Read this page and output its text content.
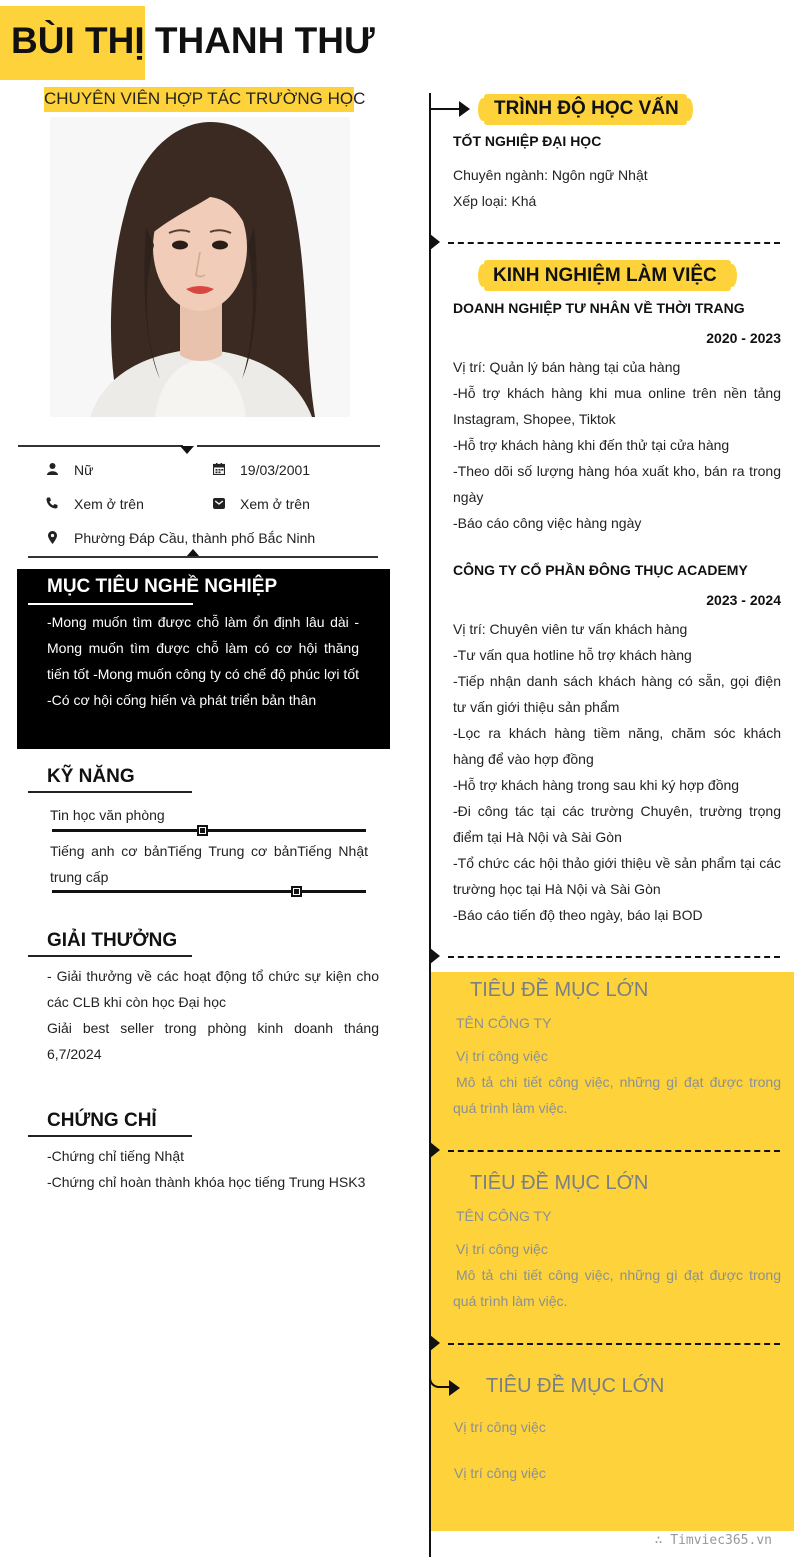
BÙI THỊ THANH THƯ
CHUYÊN VIÊN HỢP TÁC TRƯỜNG HỌC
Nữ	19/03/2001
Xem ở trên	Xem ở trên
Phường Đáp Cầu, thành phố Bắc Ninh
MỤC TIÊU NGHỀ NGHIỆP
-Mong muốn tìm được chỗ làm ổn định lâu dài -Mong muốn tìm được chỗ làm có cơ hội thăng tiến tốt -Mong muốn công ty có chế độ phúc lợi tốt -Có cơ hội cống hiến và phát triển bản thân
KỸ NĂNG
Tin học văn phòng
Tiếng anh cơ bảnTiếng Trung cơ bảnTiếng Nhật trung cấp
GIẢI THƯỞNG
- Giải thưởng về các hoạt động tổ chức sự kiện cho các CLB khi còn học Đại học
Giải best seller trong phòng kinh doanh tháng 6,7/2024
CHỨNG CHỈ
-Chứng chỉ tiếng Nhật
-Chứng chỉ hoàn thành khóa học tiếng Trung HSK3
TRÌNH ĐỘ HỌC VẤN
TỐT NGHIỆP ĐẠI HỌC
Chuyên ngành: Ngôn ngữ Nhật
Xếp loại: Khá
KINH NGHIỆM LÀM VIỆC
DOANH NGHIỆP TƯ NHÂN VỀ THỜI TRANG
2020 - 2023
Vị trí: Quản lý bán hàng tại của hàng
-Hỗ trợ khách hàng khi mua online trên nền tảng Instagram, Shopee, Tiktok
-Hỗ trợ khách hàng khi đến thử tại cửa hàng
-Theo dõi số lượng hàng hóa xuất kho, bán ra trong ngày
-Báo cáo công việc hàng ngày
CÔNG TY CỔ PHẦN ĐÔNG THỤC ACADEMY
2023 - 2024
Vị trí: Chuyên viên tư vấn khách hàng
-Tư vấn qua hotline hỗ trợ khách hàng
-Tiếp nhận danh sách khách hàng có sẵn, gọi điện tư vấn giới thiệu sản phẩm
-Lọc ra khách hàng tiềm năng, chăm sóc khách hàng để vào hợp đồng
-Hỗ trợ khách hàng trong sau khi ký hợp đồng
-Đi công tác tại các trường Chuyên, trường trọng điểm tại Hà Nội và Sài Gòn
-Tổ chức các hội thảo giới thiệu về sản phẩm tại các trường học tại Hà Nội và Sài Gòn
-Báo cáo tiến độ theo ngày, báo lại BOD
TIÊU ĐỀ MỤC LỚN
TÊN CÔNG TY
Vị trí công việc
Mô tả chi tiết công việc, những gì đạt được trong quá trình làm việc.
TIÊU ĐỀ MỤC LỚN
TÊN CÔNG TY
Vị trí công việc
Mô tả chi tiết công việc, những gì đạt được trong quá trình làm việc.
TIÊU ĐỀ MỤC LỚN
Vị trí công việc
Vị trí công việc
∴ Timviec365.vn
